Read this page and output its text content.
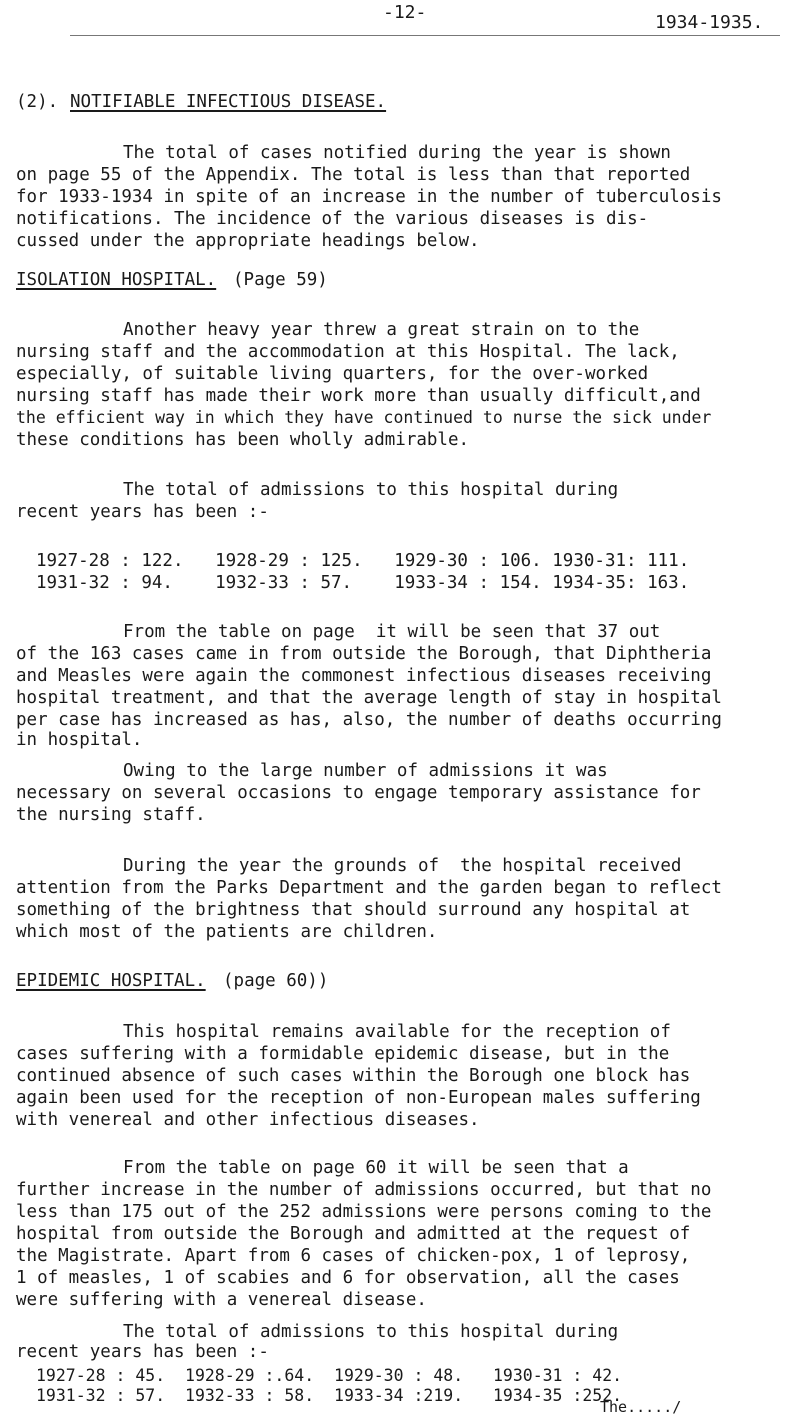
-12-	1934-1935.
(2). NOTIFIABLE INFECTIOUS DISEASE.
The total of cases notified during the year is shown
on page 55 of the Appendix. The total is less than that reported
for 1933-1934 in spite of an increase in the number of tuberculosis
notifications. The incidence of the various diseases is dis-
cussed under the appropriate headings below.
ISOLATION HOSPITAL. (Page 59)
Another heavy year threw a great strain on to the
nursing staff and the accommodation at this Hospital. The lack,
especially, of suitable living quarters, for the over-worked
nursing staff has made their work more than usually difficult,and
the efficient way in which they have continued to nurse the sick under
these conditions has been wholly admirable.
The total of admissions to this hospital during
recent years has been :-
1927-28 : 122.   1928-29 : 125.   1929-30 : 106. 1930-31: 111.
1931-32 : 94.    1932-33 : 57.    1933-34 : 154. 1934-35: 163.
From the table on page  it will be seen that 37 out
of the 163 cases came in from outside the Borough, that Diphtheria
and Measles were again the commonest infectious diseases receiving
hospital treatment, and that the average length of stay in hospital
per case has increased as has, also, the number of deaths occurring
in hospital.
Owing to the large number of admissions it was
necessary on several occasions to engage temporary assistance for
the nursing staff.
During the year the grounds of  the hospital received
attention from the Parks Department and the garden began to reflect
something of the brightness that should surround any hospital at
which most of the patients are children.
EPIDEMIC HOSPITAL. (page 60))
This hospital remains available for the reception of
cases suffering with a formidable epidemic disease, but in the
continued absence of such cases within the Borough one block has
again been used for the reception of non-European males suffering
with venereal and other infectious diseases.
From the table on page 60 it will be seen that a
further increase in the number of admissions occurred, but that no
less than 175 out of the 252 admissions were persons coming to the
hospital from outside the Borough and admitted at the request of
the Magistrate. Apart from 6 cases of chicken-pox, 1 of leprosy,
1 of measles, 1 of scabies and 6 for observation, all the cases
were suffering with a venereal disease.
The total of admissions to this hospital during
recent years has been :-
1927-28 : 45.  1928-29 :.64.  1929-30 : 48.   1930-31 : 42.
1931-32 : 57.  1932-33 : 58.  1933-34 :219.   1934-35 :252.
The...../
